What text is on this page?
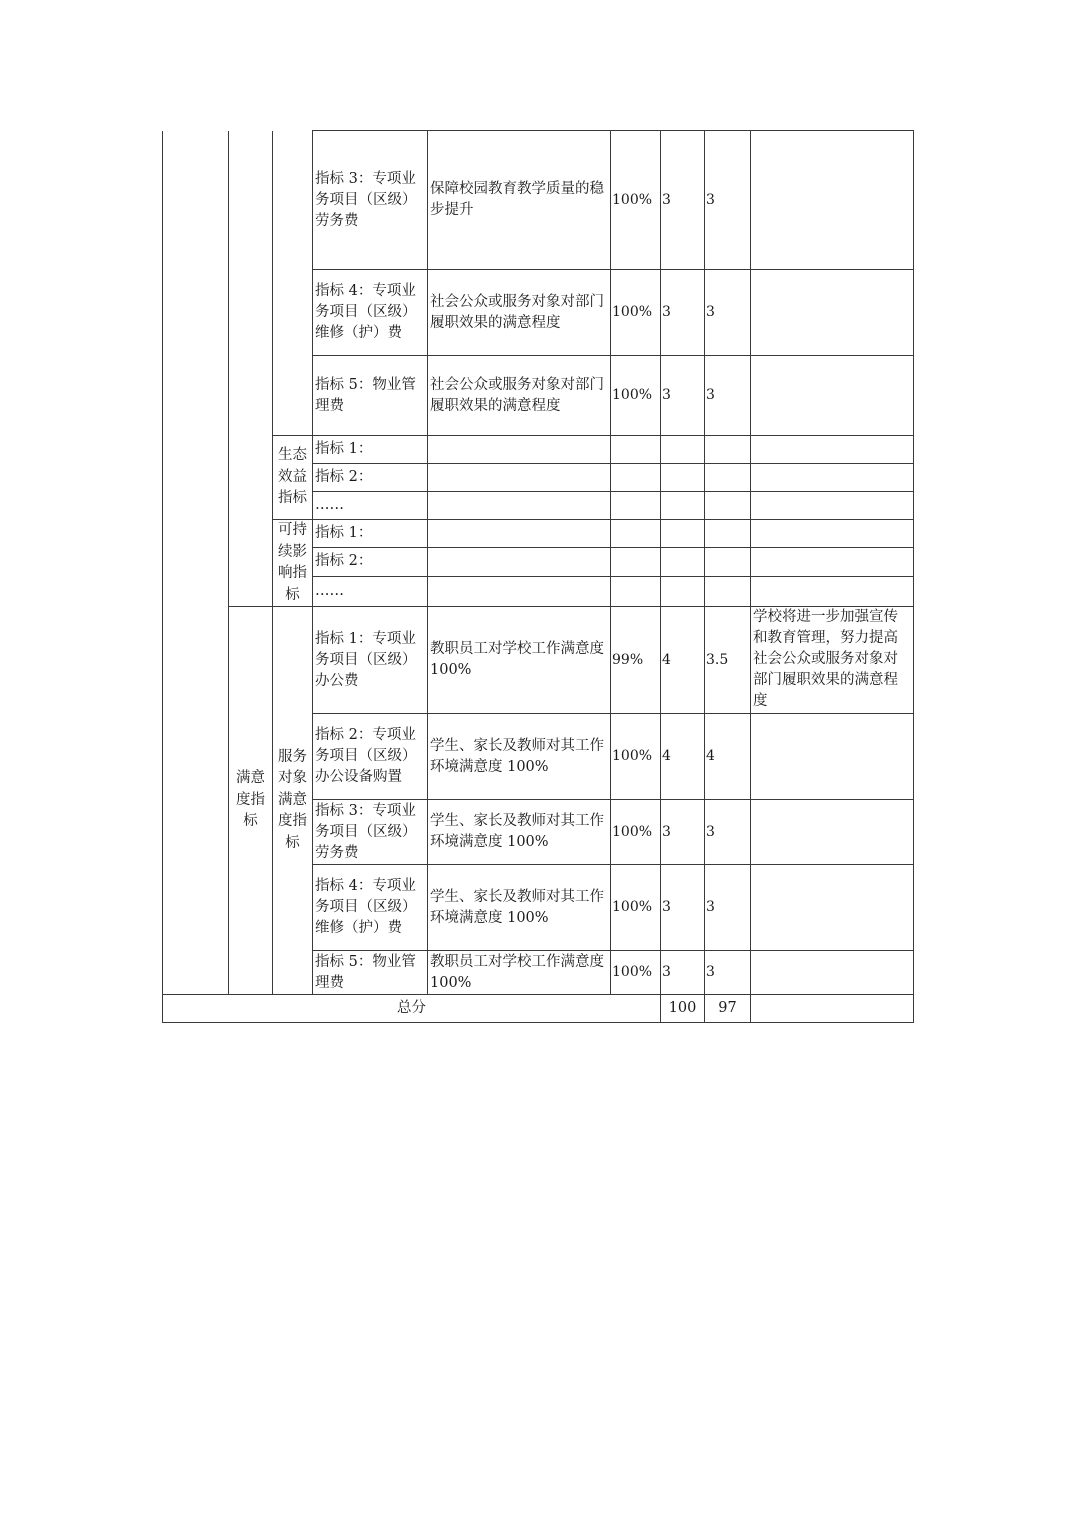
			指标 3：专项业务项目（区级）劳务费	保障校园教育教学质量的稳步提升	100%	3	3	
			指标 4：专项业务项目（区级）维修（护）费	社会公众或服务对象对部门履职效果的满意程度	100%	3	3	
			指标 5：物业管理费	社会公众或服务对象对部门履职效果的满意程度	100%	3	3	
		生态效益指标	指标 1：					
			指标 2：					
			……					
		可持续影响指标	指标 1：					
			指标 2：					
			……					
	满意度指标	服务对象满意度指标	指标 1：专项业务项目（区级）办公费	教职员工对学校工作满意度 100%	99%	4	3.5	学校将进一步加强宣传和教育管理，努力提高社会公众或服务对象对部门履职效果的满意程度
			指标 2：专项业务项目（区级）办公设备购置	学生、家长及教师对其工作环境满意度 100%	100%	4	4	
			指标 3：专项业务项目（区级）劳务费	学生、家长及教师对其工作环境满意度 100%	100%	3	3	
			指标 4：专项业务项目（区级）维修（护）费	学生、家长及教师对其工作环境满意度 100%	100%	3	3	
			指标 5：物业管理费	教职员工对学校工作满意度 100%	100%	3	3	
总分						100	97	
